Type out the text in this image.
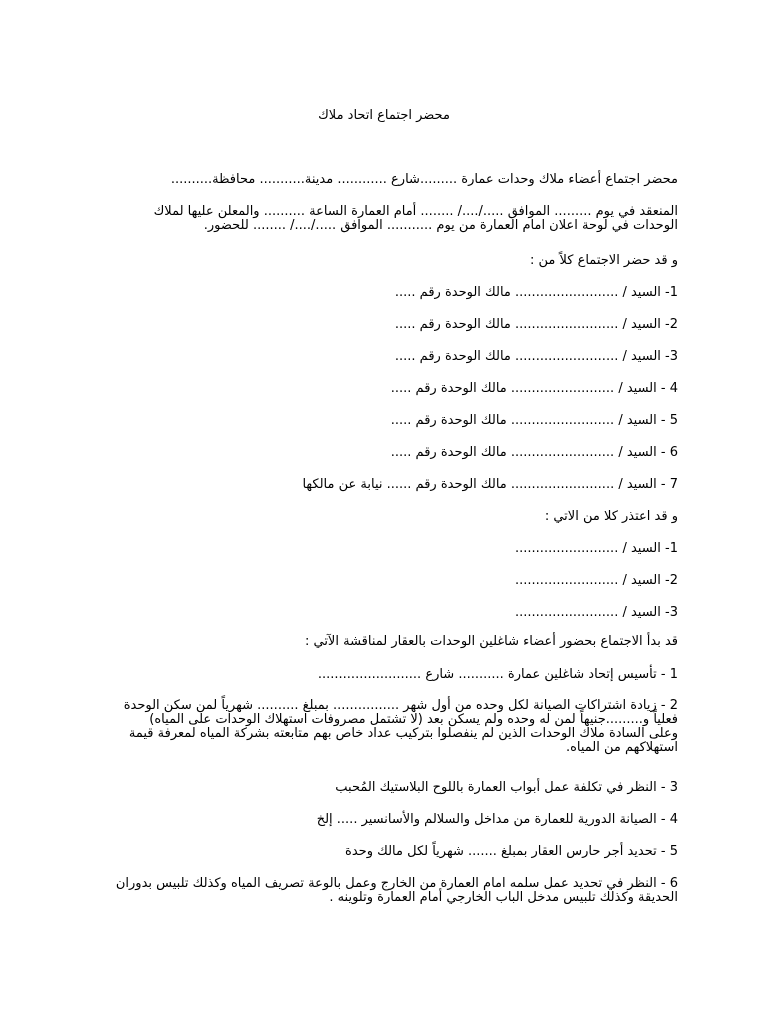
محضر اجتماع اتحاد ملاك
محضر اجتماع أعضاء ملاك وحدات عمارة .........شارع ............ مدينة........... محافظة..........
المنعقد في يوم ......... الموافق ...../..../ ........ أمام العمارة الساعة .......... والمعلن عليها لملاك
الوحدات في لوحة اعلان امام العمارة من يوم ........... الموافق ...../..../ ........ للحضور.
و قد حضر الاجتماع كلاً من :
1- السيد / ......................... مالك الوحدة رقم .....
2- السيد / ......................... مالك الوحدة رقم .....
3- السيد / ......................... مالك الوحدة رقم .....
4 - السيد / ......................... مالك الوحدة رقم .....
5 - السيد / ......................... مالك الوحدة رقم .....
6 - السيد / ......................... مالك الوحدة رقم .....
7 - السيد / ......................... مالك الوحدة رقم ...... نيابة عن مالكها
و قد اعتذر كلا من الاتي :
1- السيد / .........................
2- السيد / .........................
3- السيد / .........................
قد بدأ الاجتماع بحضور أعضاء شاغلين الوحدات بالعقار لمناقشة الآتي :
1 - تأسيس إتحاد شاغلين عمارة ........... شارع .........................
2 - زيادة اشتراكات الصيانة لكل وحده من أول شهر ................ بمبلغ .......... شهرياً لمن سكن الوحدة
فعلياً و.........جنيهاً لمن له وحده ولم يسكن بعد (لا تشتمل مصروفات استهلاك الوحدات على المياه)
وعلى السادة ملاك الوحدات الذين لم ينفصلوا بتركيب عداد خاص بهم متابعته بشركة المياه لمعرفة قيمة
استهلاكهم من المياه.
3 - النظر في تكلفة عمل أبواب العمارة باللوح البلاستيك المُحبب
4 - الصيانة الدورية للعمارة من مداخل والسلالم والأسانسير ..... إلخ
5 - تحديد أجر حارس العقار بمبلغ ....... شهرياً لكل مالك وحدة
6 - النظر في تحديد عمل سلمه امام العمارة من الخارج وعمل بالوعة تصريف المياه وكذلك تلبيس بدوران
الحديقة وكذلك تلبيس مدخل الباب الخارجي أمام العمارة وتلوينه .
